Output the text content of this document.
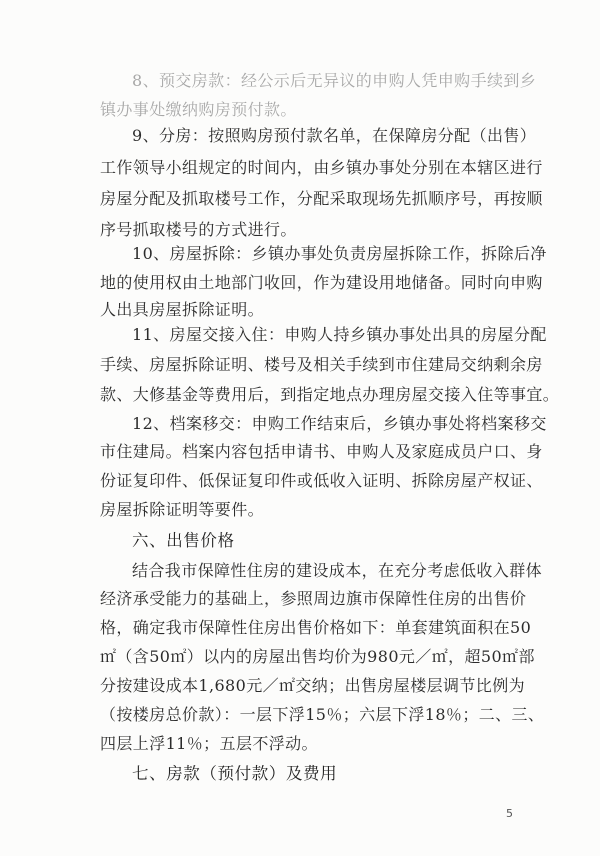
8、预交房款：经公示后无异议的申购人凭申购手续到乡
镇办事处缴纳购房预付款。
9、分房：按照购房预付款名单，在保障房分配（出售）
工作领导小组规定的时间内，由乡镇办事处分别在本辖区进行
房屋分配及抓取楼号工作，分配采取现场先抓顺序号，再按顺
序号抓取楼号的方式进行。
10、房屋拆除：乡镇办事处负责房屋拆除工作，拆除后净
地的使用权由土地部门收回，作为建设用地储备。同时向申购
人出具房屋拆除证明。
11、房屋交接入住：申购人持乡镇办事处出具的房屋分配
手续、房屋拆除证明、楼号及相关手续到市住建局交纳剩余房
款、大修基金等费用后，到指定地点办理房屋交接入住等事宜。
12、档案移交：申购工作结束后，乡镇办事处将档案移交
市住建局。档案内容包括申请书、申购人及家庭成员户口、身
份证复印件、低保证复印件或低收入证明、拆除房屋产权证、
房屋拆除证明等要件。
六、出售价格
结合我市保障性住房的建设成本，在充分考虑低收入群体
经济承受能力的基础上，参照周边旗市保障性住房的出售价
格，确定我市保障性住房出售价格如下：单套建筑面积在50
㎡（含50㎡）以内的房屋出售均价为980元／㎡，超50㎡部
分按建设成本1,680元／㎡交纳；出售房屋楼层调节比例为
（按楼房总价款）：一层下浮15％；六层下浮18％；二、三、
四层上浮11％；五层不浮动。
七、房款（预付款）及费用
5
